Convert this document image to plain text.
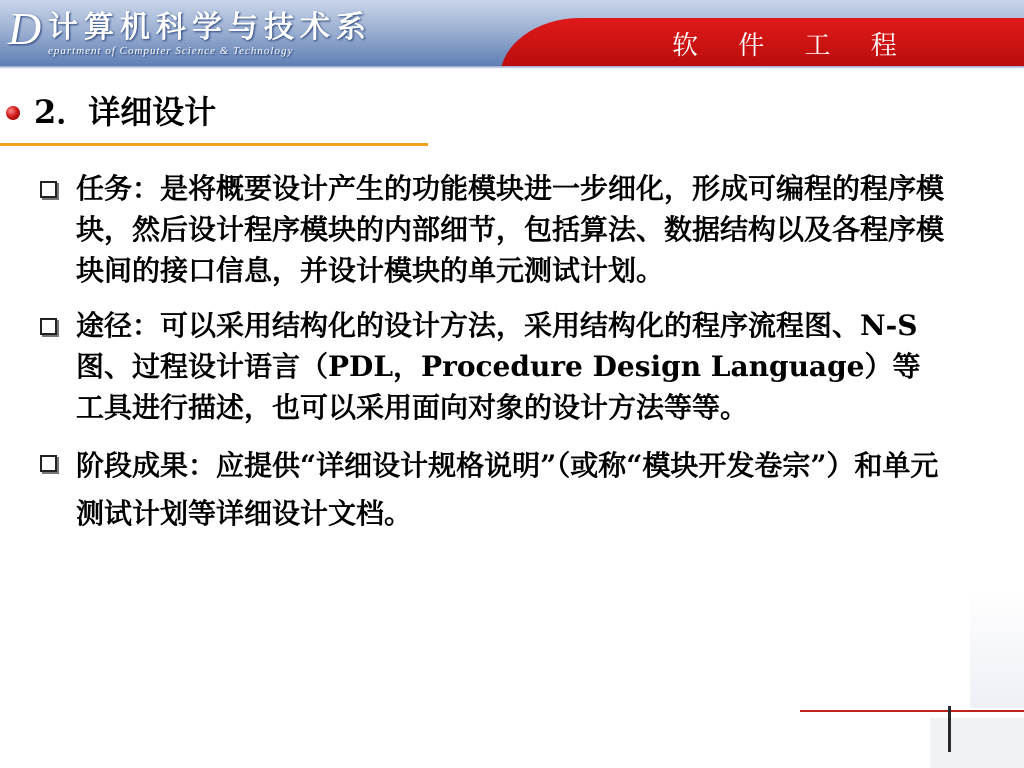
D 计算机科学与技术系
epartment of Computer Science & Technology	软 件 工 程
2．详细设计
任务：是将概要设计产生的功能模块进一步细化，形成可编程的程序模块，然后设计程序模块的内部细节，包括算法、数据结构以及各程序模块间的接口信息，并设计模块的单元测试计划。
途径：可以采用结构化的设计方法，采用结构化的程序流程图、N-S图、过程设计语言（PDL，Procedure Design Language）等工具进行描述，也可以采用面向对象的设计方法等等。
阶段成果：应提供“详细设计规格说明”（或称“模块开发卷宗”）和单元测试计划等详细设计文档。
